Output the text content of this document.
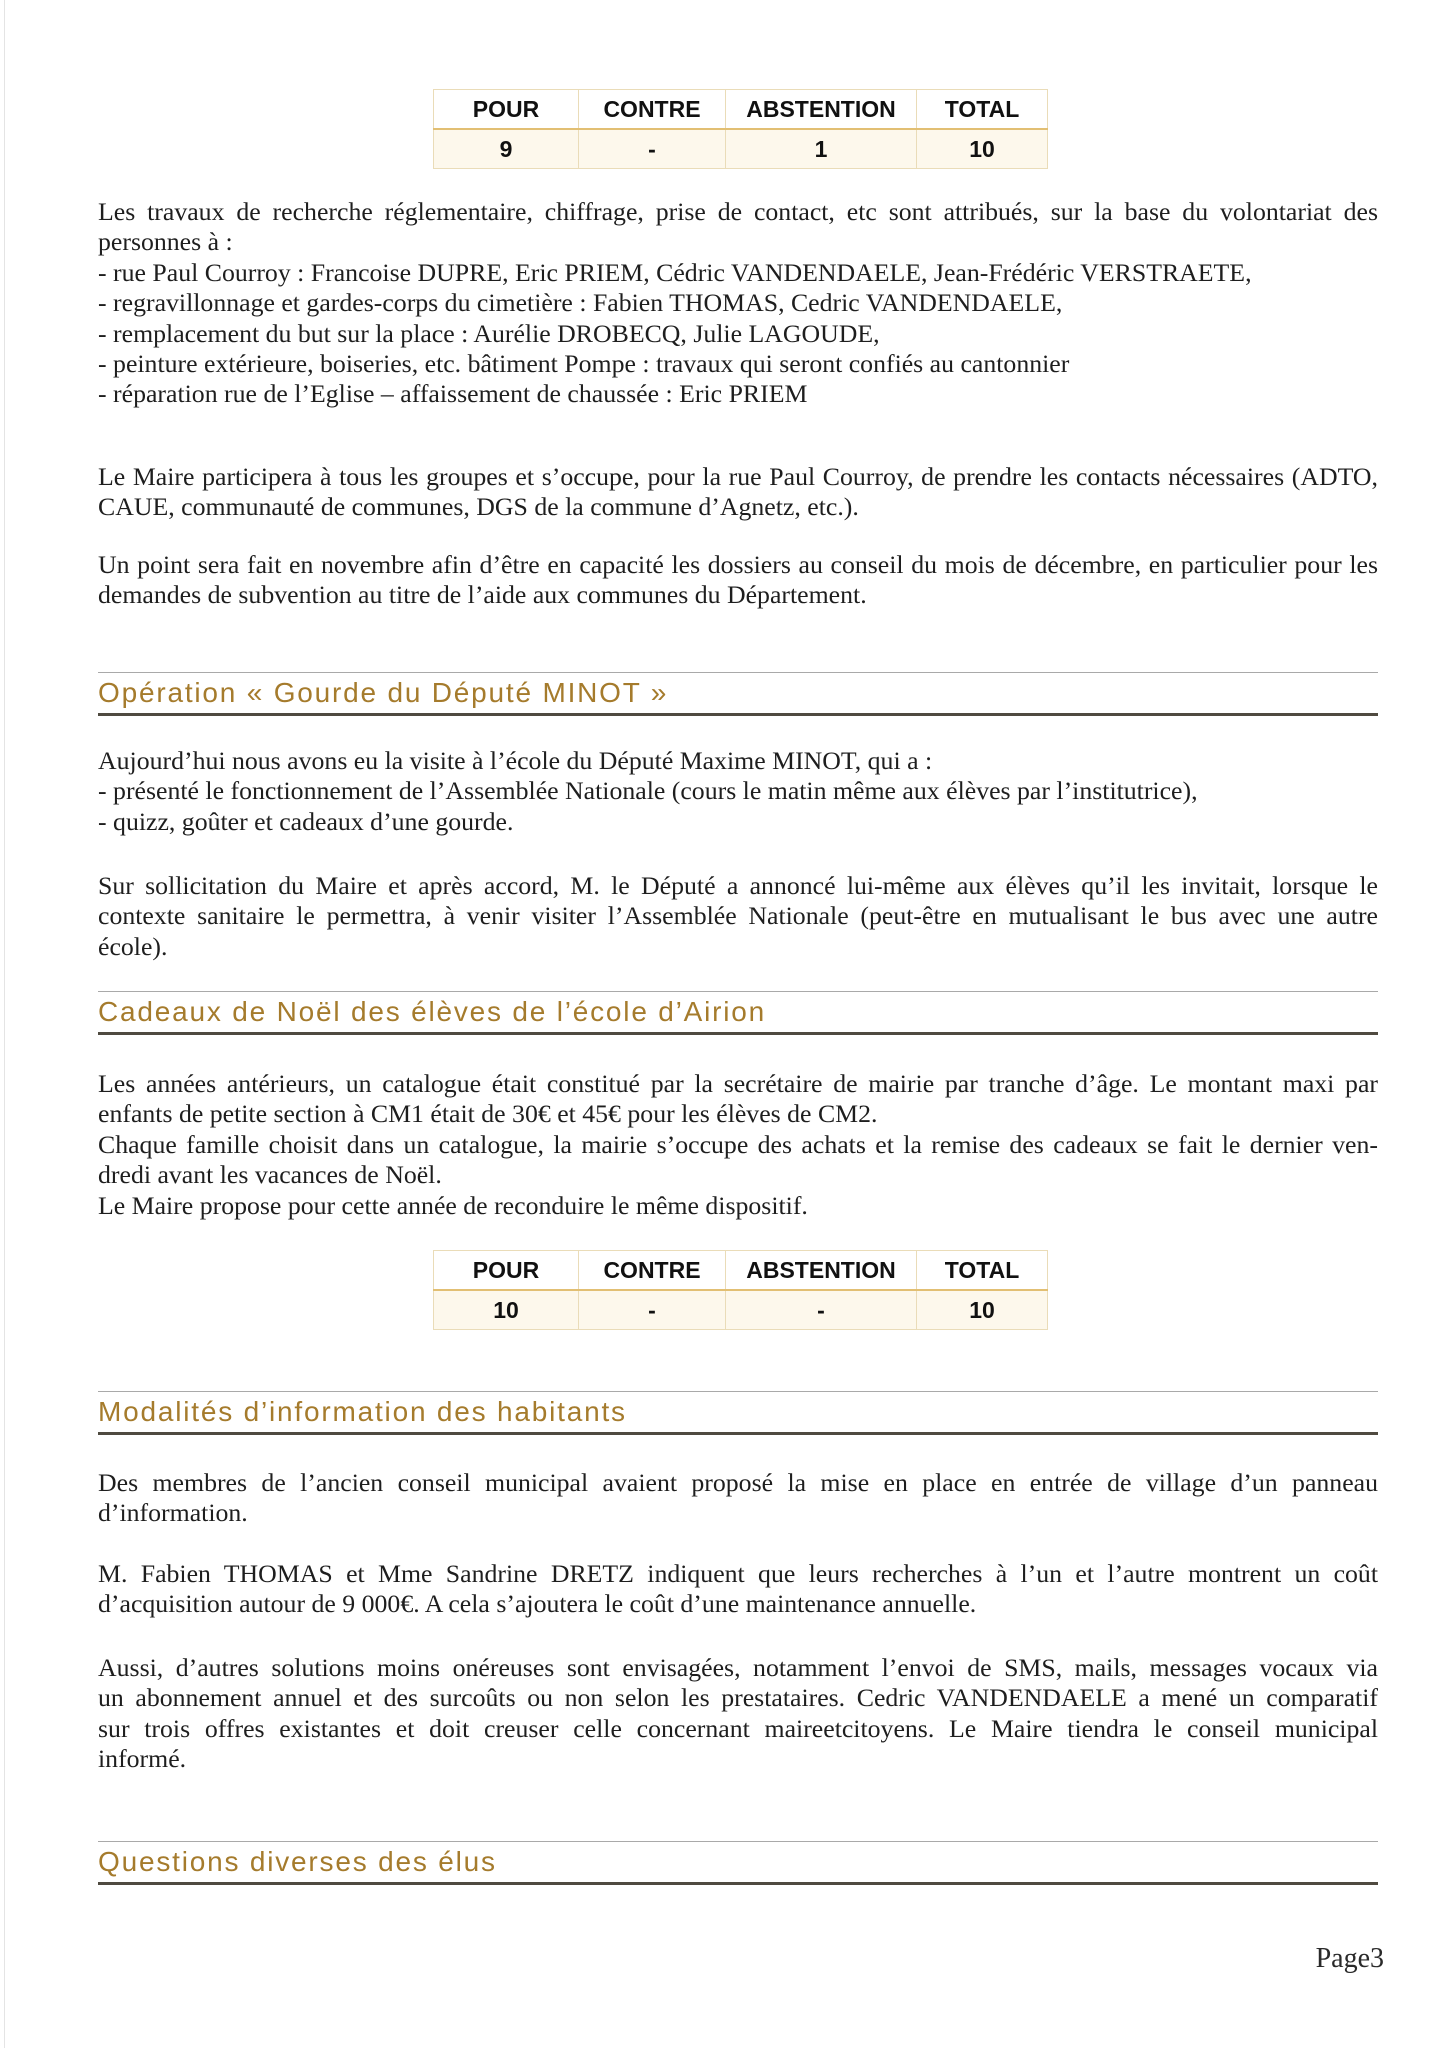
POUR	CONTRE	ABSTENTION	TOTAL
9	-	1	10
Les travaux de recherche réglementaire, chiffrage, prise de contact, etc sont attribués, sur la base du volontariat des
personnes à :
- rue Paul Courroy : Francoise DUPRE, Eric PRIEM, Cédric VANDENDAELE, Jean-Frédéric VERSTRAETE,
- regravillonnage et gardes-corps du cimetière : Fabien THOMAS, Cedric VANDENDAELE,
- remplacement du but sur la place : Aurélie DROBECQ, Julie LAGOUDE,
- peinture extérieure, boiseries, etc. bâtiment Pompe : travaux qui seront confiés au cantonnier
- réparation rue de l’Eglise – affaissement de chaussée : Eric PRIEM
Le Maire participera à tous les groupes et s’occupe, pour la rue Paul Courroy, de prendre les contacts nécessaires (ADTO,
CAUE, communauté de communes, DGS de la commune d’Agnetz, etc.).
Un point sera fait en novembre afin d’être en capacité les dossiers au conseil du mois de décembre, en particulier pour les
demandes de subvention au titre de l’aide aux communes du Département.
Opération « Gourde du Député MINOT »
Aujourd’hui nous avons eu la visite à l’école du Député Maxime MINOT, qui a :
- présenté le fonctionnement de l’Assemblée Nationale (cours le matin même aux élèves par l’institutrice),
- quizz, goûter et cadeaux d’une gourde.
Sur sollicitation du Maire et après accord, M. le Député a annoncé lui-même aux élèves qu’il les invitait, lorsque le
contexte sanitaire le permettra, à venir visiter l’Assemblée Nationale (peut-être en mutualisant le bus avec une autre
école).
Cadeaux de Noël des élèves de l’école d’Airion
Les années antérieurs, un catalogue était constitué par la secrétaire de mairie par tranche d’âge. Le montant maxi par
enfants de petite section à CM1 était de 30€ et 45€ pour les élèves de CM2.
Chaque famille choisit dans un catalogue, la mairie s’occupe des achats et la remise des cadeaux se fait le dernier ven-
dredi avant les vacances de Noël.
Le Maire propose pour cette année de reconduire le même dispositif.
POUR	CONTRE	ABSTENTION	TOTAL
10	-	-	10
Modalités d’information des habitants
Des membres de l’ancien conseil municipal avaient proposé la mise en place en entrée de village d’un panneau
d’information.
M. Fabien THOMAS et Mme Sandrine DRETZ indiquent que leurs recherches à l’un et l’autre montrent un coût
d’acquisition autour de 9 000€. A cela s’ajoutera le coût d’une maintenance annuelle.
Aussi, d’autres solutions moins onéreuses sont envisagées, notamment l’envoi de SMS, mails, messages vocaux via
un abonnement annuel et des surcoûts ou non selon les prestataires. Cedric VANDENDAELE a mené un comparatif
sur trois offres existantes et doit creuser celle concernant maireetcitoyens. Le Maire tiendra le conseil municipal
informé.
Questions diverses des élus
Page3
